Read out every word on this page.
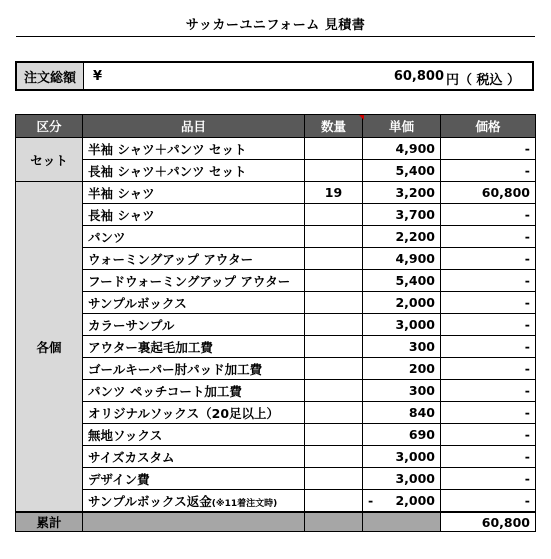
サッカーユニフォーム 見積書
注文総額	¥	60,800 円（ 税込 ）
区分	品目	数量	単価	価格
セット	半袖 シャツ＋パンツ セット		4,900	-
	長袖 シャツ＋パンツ セット		5,400	-
各個	半袖 シャツ	19	3,200	60,800
	長袖 シャツ		3,700	-
	パンツ		2,200	-
	ウォーミングアップ アウター		4,900	-
	フードウォーミングアップ アウター		5,400	-
	サンプルボックス		2,000	-
	カラーサンプル		3,000	-
	アウター裏起毛加工費		300	-
	ゴールキーパー肘パッド加工費		200	-
	パンツ ペッチコート加工費		300	-
	オリジナルソックス（20足以上）		840	-
	無地ソックス		690	-
	サイズカスタム		3,000	-
	デザイン費		3,000	-
	サンプルボックス返金(※11着注文時)		- 2,000	-
累計				60,800
